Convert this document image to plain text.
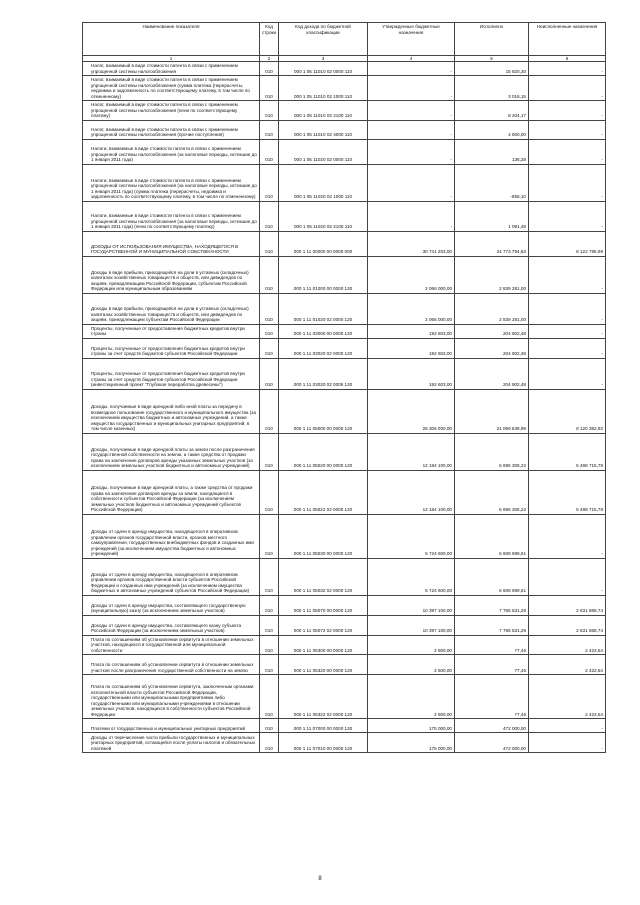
Наименование показателя	Код строки	Код дохода по бюджетной классификации	Утвержденные бюджетные назначения	Исполнено	Неисполненные назначения
1	2	3	4	5	6
Налог, взимаемый в виде стоимости патента в связи с применением упрощенной системы налогообложения	010	000 1 05 11010 02 0000 110	-	15 820,30	-
Налог, взимаемый в виде стоимости патента в связи с применением упрощенной системы налогообложения (сумма платежа (перерасчеты, недоимка и задолженность по соответствующему платежу, в том числе по отмененному)	010	000 1 05 11010 02 1000 110	-	3 016,15	-
Налог, взимаемый в виде стоимости патента в связи с применением упрощенной системы налогообложения (пени по соответствующему платежу)	010	000 1 05 11010 02 2100 110	-	8 204,17	-
Налог, взимаемый в виде стоимости патента в связи с применением упрощенной системы налогообложения (прочие поступления)	010	000 1 05 11010 02 4000 110	-	4 600,00	-
Налоги, взимаемые в виде стоимости патента в связи с применением упрощенной системы налогообложения (за налоговые периоды, истекшие до 1 января 2011 года)	010	000 1 05 11020 02 0000 110	-	136,28	-
Налоги, взимаемые в виде стоимости патента в связи с применением упрощенной системы налогообложения (за налоговые периоды, истекшие до 1 января 2011 года) (сумма платежа (перерасчеты, недоимка и задолженность по соответствующему платежу, в том числе по отмененному)	010	000 1 05 11020 02 1000 110	-	-955,10	-
Налоги, взимаемые в виде стоимости патента в связи с применением упрощенной системы налогообложения (за налоговые периоды, истекшие до 1 января 2011 года) (пени по соответствующему платежу)	010	000 1 05 11020 02 2100 110	-	1 091,48	-
ДОХОДЫ ОТ ИСПОЛЬЗОВАНИЯ ИМУЩЕСТВА, НАХОДЯЩЕГОСЯ В ГОСУДАРСТВЕННОЙ И МУНИЦИПАЛЬНОЙ СОБСТВЕННОСТИ	010	000 1 11 00000 00 0000 000	30 741 203,00	24 773 794,63	8 122 795,98
Доходы в виде прибыли, приходящейся на доли в уставных (складочных) капиталах хозяйственных товариществ и обществ, или дивидендов по акциям, принадлежащим Российской Федерации, субъектам Российской Федерации или муниципальным образованиям	010	000 1 11 01000 00 0000 120	2 066 000,00	2 839 281,00	-
Доходы в виде прибыли, приходящейся на доли в уставных (складочных) капиталах хозяйственных товариществ и обществ, или дивидендов по акциям, принадлежащим субъектам Российской Федерации	010	000 1 11 01020 02 0000 120	2 066 000,00	2 839 281,00	-
Проценты, полученные от предоставления бюджетных кредитов внутри страны	010	000 1 11 03000 00 0000 120	192 603,00	204 902,48	-
Проценты, полученные от предоставления бюджетных кредитов внутри страны за счет средств бюджетов субъектов Российской Федерации	010	000 1 11 03020 02 0000 120	192 603,00	204 902,48	-
Проценты, полученные от предоставления бюджетных кредитов внутри страны за счет средств бюджетов субъектов Российской Федерации (инвестиционный проект "Глубокая переработка древесины")	010	000 1 11 03020 02 0005 120	192 603,00	204 902,48	-
Доходы, получаемые в виде арендной либо иной платы за передачу в возмездное пользование государственного и муниципального имущества (за исключением имущества бюджетных и автономных учреждений, а также имущества государственных и муниципальных унитарных предприятий, в том числе казенных)	010	000 1 11 05000 00 0000 120	28 306 000,00	21 069 539,99	8 120 382,92
Доходы, получаемые в виде арендной платы за земли после разграничения государственной собственности на землю, а также средства от продажи права на заключение договоров аренды указанных земельных участков (за исключением земельных участков бюджетных и автономных учреждений)	010	000 1 11 05020 00 0000 120	12 184 100,00	6 695 306,22	5 488 715,78
Доходы, получаемые в виде арендной платы, а также средства от продажи права на заключение договоров аренды за земли, находящиеся в собственности субъектов Российской Федерации (за исключением земельных участков бюджетных и автономных учреждений субъектов Российской Федерации)	010	000 1 11 05022 02 0000 120	12 184 100,00	6 695 306,22	5 488 715,78
Доходы от сдачи в аренду имущества, находящегося в оперативном управлении органов государственной власти, органов местного самоуправления, государственных внебюджетных фондов и созданных ими учреждений (за исключением имущества бюджетных и автономных учреждений)	010	000 1 11 05030 00 0000 120	5 724 600,00	6 608 699,61	-
Доходы от сдачи в аренду имущества, находящегося в оперативном управлении органов государственной власти субъектов Российской Федерации и созданных ими учреждений (за исключением имущества бюджетных и автономных учреждений субъектов Российской Федерации)	010	000 1 11 05032 02 0000 120	5 724 600,00	6 608 699,61	-
Доходы от сдачи в аренду имущества, составляющего государственную (муниципальную) казну (за исключением земельных участков)	010	000 1 11 05070 00 0000 120	10 397 100,00	7 765 531,26	2 631 568,74
Доходы от сдачи в аренду имущества, составляющего казну субъекта Российской Федерации (за исключением земельных участков)	010	000 1 11 05072 02 0000 120	10 397 100,00	7 765 531,26	2 631 568,74
Плата по соглашениям об установлении сервитута в отношении земельных участков, находящихся в государственной или муниципальной собственности	010	000 1 11 05300 00 0000 120	2 500,00	77,46	2 422,54
Плата по соглашениям об установлении сервитута в отношении земельных участков после разграничения государственной собственности на землю	010	000 1 11 05320 00 0000 120	2 500,00	77,46	2 422,54
Плата по соглашениям об установлении сервитута, заключенным органами исполнительной власти субъектов Российской Федерации, государственными или муниципальными предприятиями либо государственными или муниципальными учреждениями в отношении земельных участков, находящихся в собственности субъектов Российской Федерации	010	000 1 11 05322 02 0000 120	2 500,00	77,46	2 422,54
Платежи от государственных и муниципальных унитарных предприятий	010	000 1 11 07000 00 0000 120	175 000,00	472 000,00	-
Доходы от перечисления части прибыли государственных и муниципальных унитарных предприятий, остающейся после уплаты налогов и обязательных платежей	010	000 1 11 07010 00 0000 120	175 000,00	472 000,00	-
8
